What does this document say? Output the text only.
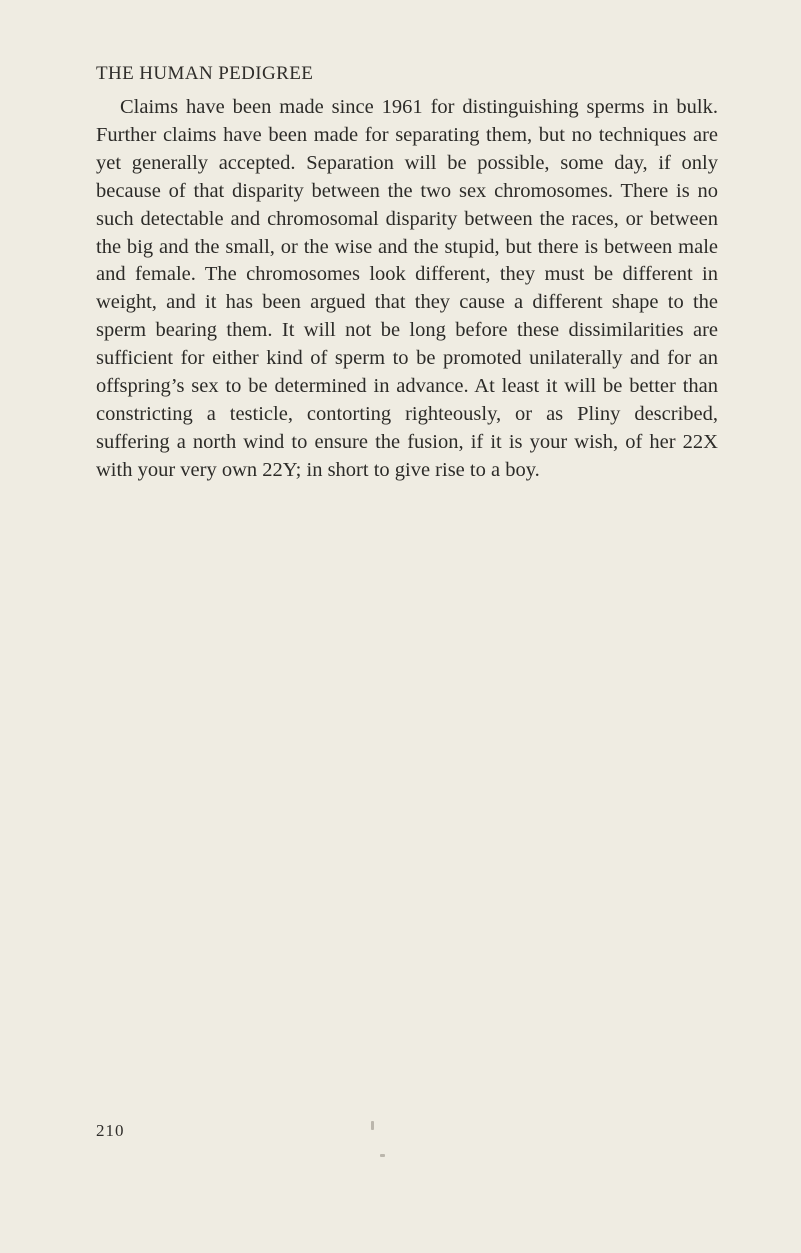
THE HUMAN PEDIGREE

Claims have been made since 1961 for distinguishing sperms in bulk. Further claims have been made for separating them, but no techniques are yet generally accepted. Separation will be possible, some day, if only because of that disparity between the two sex chromosomes. There is no such detectable and chromosomal disparity between the races, or between the big and the small, or the wise and the stupid, but there is between male and female. The chromosomes look different, they must be different in weight, and it has been argued that they cause a different shape to the sperm bearing them. It will not be long before these dissimilarities are sufficient for either kind of sperm to be promoted unilaterally and for an offspring’s sex to be determined in advance. At least it will be better than constricting a testicle, contorting righteously, or as Pliny described, suffering a north wind to ensure the fusion, if it is your wish, of her 22X with your very own 22Y; in short to give rise to a boy.

210
